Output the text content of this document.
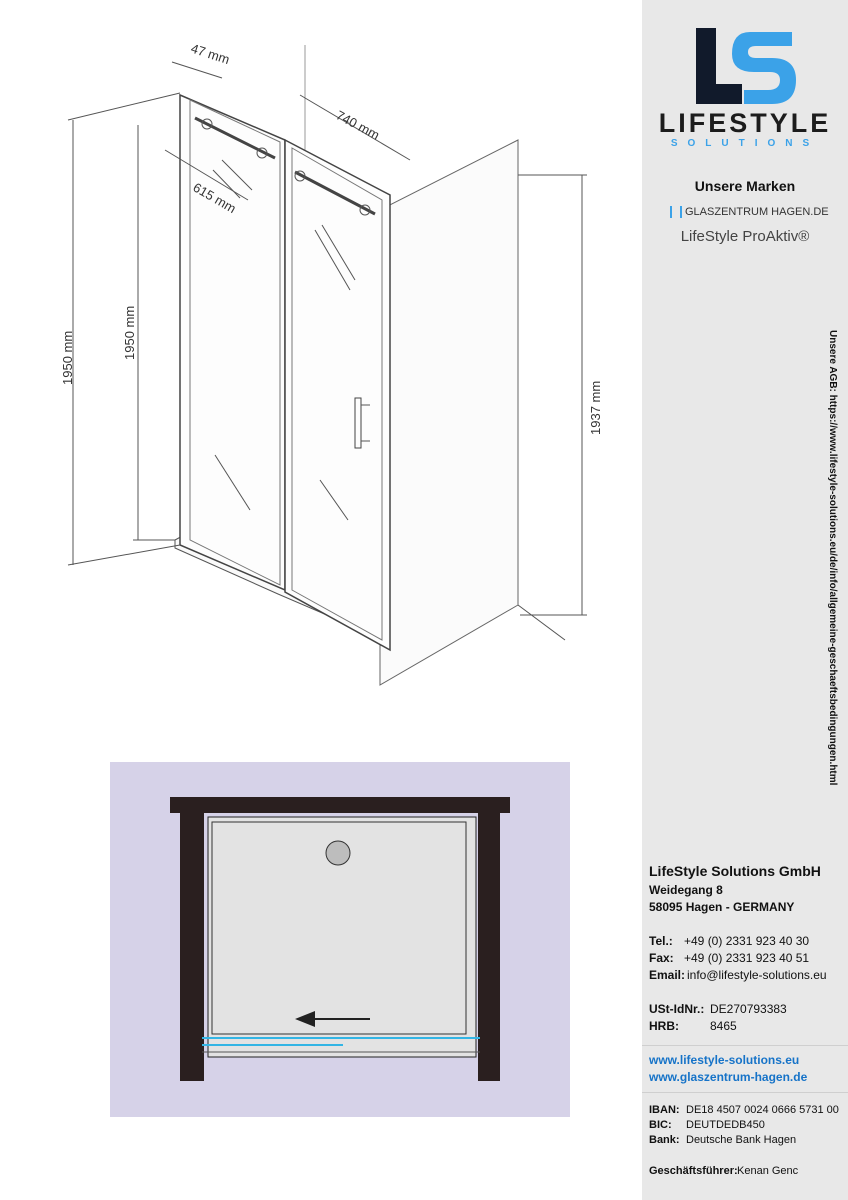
47 mm
740 mm
615 mm
1950 mm	1950 mm
1937 mm
LIFESTYLE
SOLUTIONS
Unsere Marken
GLASZENTRUM HAGEN.DE
LifeStyle ProAktiv®
LifeStyle Solutions GmbH
Weidegang 8
58095 Hagen - GERMANY
Tel.: +49 (0) 2331 923 40 30
Fax: +49 (0) 2331 923 40 51
Email: info@lifestyle-solutions.eu
USt-IdNr.: DE270793383
HRB:	8465
www.lifestyle-solutions.eu
www.glaszentrum-hagen.de
IBAN: DE18 4507 0024 0666 5731 00
BIC: DEUTDEDB450
Bank: Deutsche Bank Hagen
Geschäftsführer: Kenan Genc
Unsere AGB: https://www.lifestyle-solutions.eu/de/info/allgemeine-geschaeftsbedingungen.html
